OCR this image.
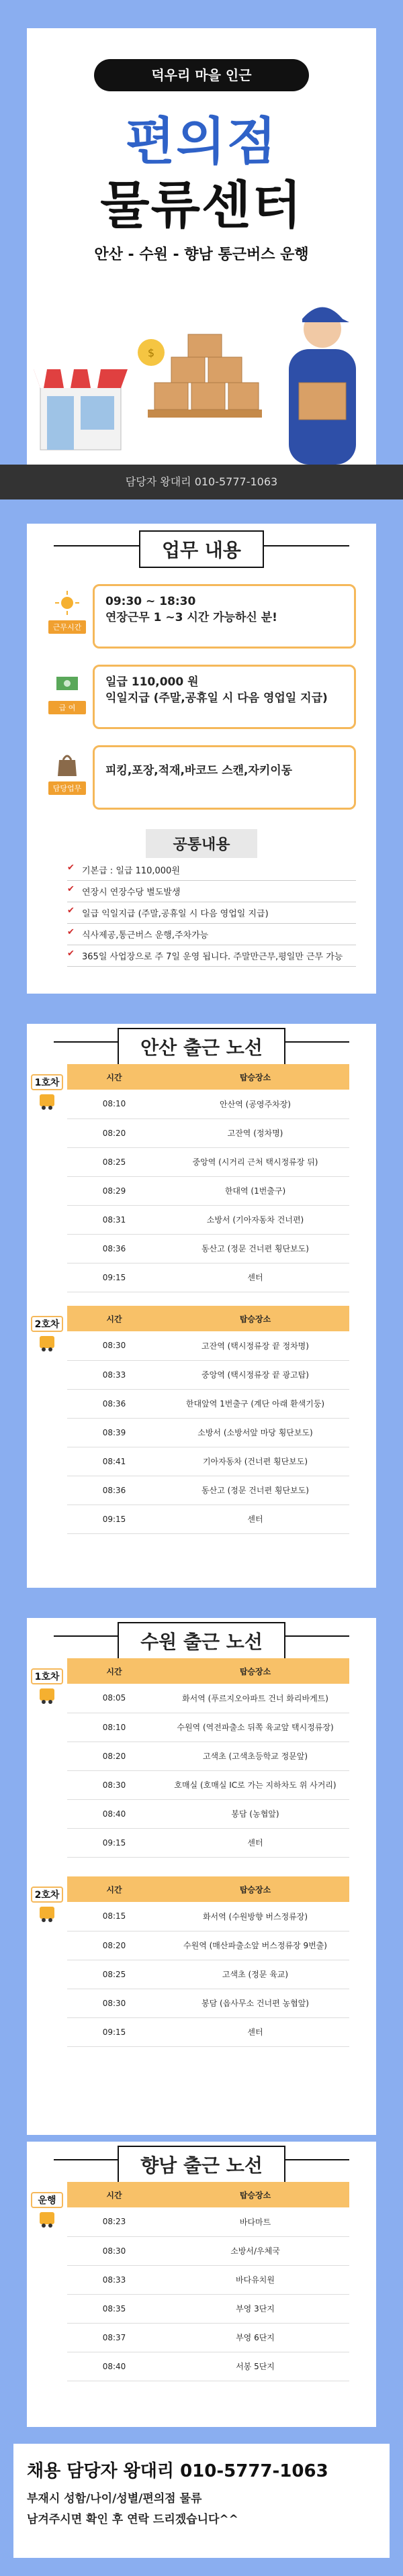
덕우리 마을 인근
편의점
물류센터
안산 - 수원 - 향남 통근버스 운행
$
담당자 왕대리 010-5777-1063
업무 내용
근무시간
09:30 ~ 18:30
연장근무 1 ~3 시간 가능하신 분!
급 여
일급 110,000 원
익일지급 (주말,공휴일 시 다음 영업일 지급)
담당업무
피킹,포장,적재,바코드 스캔,자키이동
공통내용
✔ 기본급 : 일급 110,000원
✔ 연장시 연장수당 별도발생
✔ 일급 익일지급 (주말,공휴일 시 다음 영업일 지급)
✔ 식사제공,통근버스 운행,주차가능
✔ 365일 사업장으로 주 7일 운영 됩니다. 주말만근무,평일만 근무 가능
안산 출근 노선
1호차
시간	탑승장소
08:10	안산역 (공영주차장)
08:20	고잔역 (정차명)
08:25	중앙역 (시거리 근처 택시정류장 뒤)
08:29	한대역 (1번출구)
08:31	소방서 (기아자동차 건너편)
08:36	동산고 (정문 건너편 횡단보도)
09:15	센터
2호차
시간	탑승장소
08:30	고잔역 (택시정류장 끝 정차명)
08:33	중앙역 (택시정류장 끝 광고탑)
08:36	한대앞역 1번출구 (계단 아래 환색기둥)
08:39	소방서 (소방서앞 마당 횡단보도)
08:41	기아자동차 (건너편 횡단보도)
08:36	동산고 (정문 건너편 횡단보도)
09:15	센터
수원 출근 노선
1호차
시간	탑승장소
08:05	화서역 (푸르지오아파트 건너 화리바게트)
08:10	수원역 (역전파출소 뒤쪽 육교앞 택시정류장)
08:20	고색초 (고색초등학교 정문앞)
08:30	호매실 (호매실 IC로 가는 지하차도 위 사거리)
08:40	봉담 (농협앞)
09:15	센터
2호차
시간	탑승장소
08:15	화서역 (수원방향 버스정류장)
08:20	수원역 (매산파출소앞 버스정류장 9번출)
08:25	고색초 (정문 육교)
08:30	봉담 (읍사무소 건너편 농협앞)
09:15	센터
향남 출근 노선
운행
시간	탑승장소
08:23	바다마트
08:30	소방서/우체국
08:33	바다유치원
08:35	부영 3단지
08:37	부영 6단지
08:40	서봉 5단지
채용 담당자 왕대리 010-5777-1063
부재시 성함/나이/성별/편의점 물류
남겨주시면 확인 후 연락 드리겠습니다^^
